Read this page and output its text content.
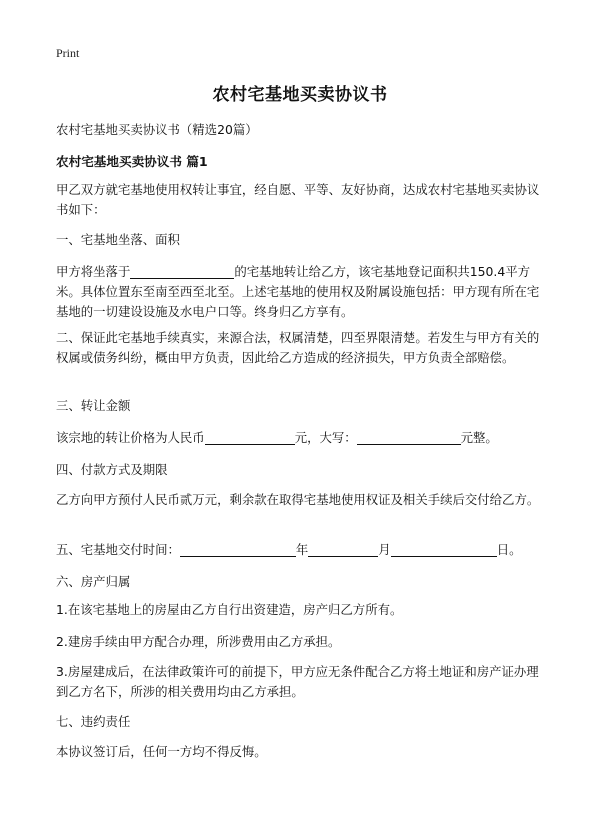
Print
农村宅基地买卖协议书
农村宅基地买卖协议书（精选20篇）
农村宅基地买卖协议书 篇1
甲乙双方就宅基地使用权转让事宜，经自愿、平等、友好协商，达成农村宅基地买卖协议书如下：
一、宅基地坐落、面积
甲方将坐落于	的宅基地转让给乙方，该宅基地登记面积共150.4平方米。具体位置东至南至西至北至。上述宅基地的使用权及附属设施包括：甲方现有所在宅基地的一切建设设施及水电户口等。终身归乙方享有。
二、保证此宅基地手续真实，来源合法，权属清楚，四至界限清楚。若发生与甲方有关的权属或债务纠纷，概由甲方负责，因此给乙方造成的经济损失，甲方负责全部赔偿。
三、转让金额
该宗地的转让价格为人民币	元，大写：	元整。
四、付款方式及期限
乙方向甲方预付人民币贰万元，剩余款在取得宅基地使用权证及相关手续后交付给乙方。
五、宅基地交付时间：	年	月	日。
六、房产归属
1.在该宅基地上的房屋由乙方自行出资建造，房产归乙方所有。
2.建房手续由甲方配合办理，所涉费用由乙方承担。
3.房屋建成后，在法律政策许可的前提下，甲方应无条件配合乙方将土地证和房产证办理到乙方名下，所涉的相关费用均由乙方承担。
七、违约责任
本协议签订后，任何一方均不得反悔。
